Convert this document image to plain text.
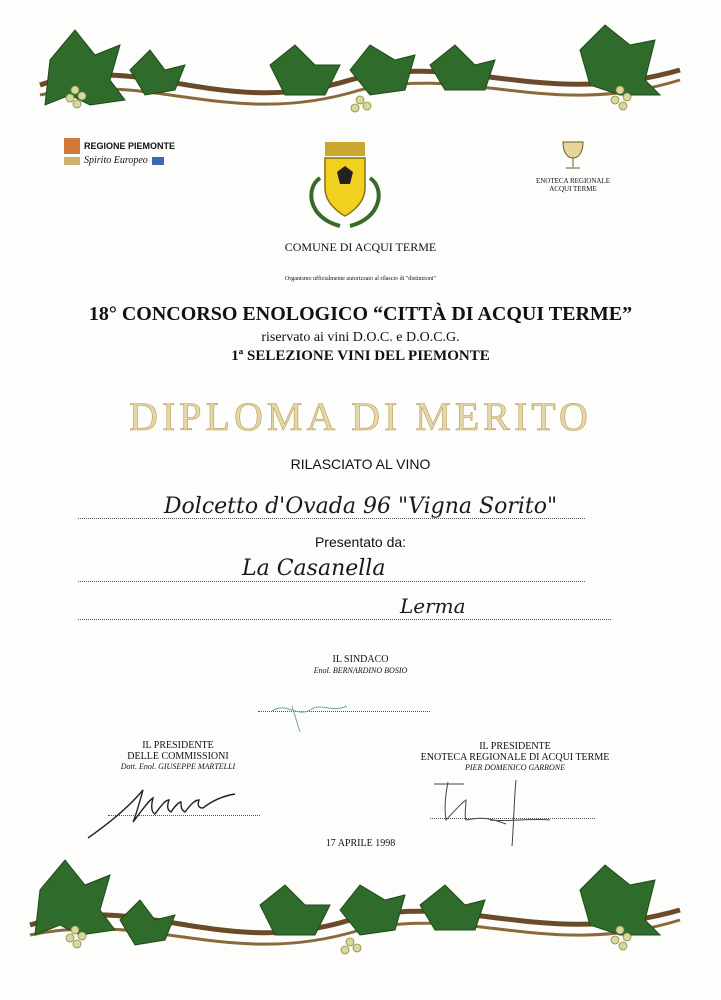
REGIONE PIEMONTE
Spirito Europeo
COMUNE DI ACQUI TERME
ENOTECA REGIONALE
ACQUI TERME
Organismo ufficialmente autorizzato al rilascio di "distinzioni"
18° CONCORSO ENOLOGICO “CITTÀ DI ACQUI TERME”
riservato ai vini D.O.C. e D.O.C.G.
1ª SELEZIONE VINI DEL PIEMONTE
DIPLOMA DI MERITO
RILASCIATO AL VINO
Dolcetto d'Ovada 96 "Vigna Sorito"
Presentato da:
La Casanella
Lerma
IL SINDACO
Enol. BERNARDINO BOSIO
IL PRESIDENTE
DELLE COMMISSIONI
Dott. Enol. GIUSEPPE MARTELLI
IL PRESIDENTE
ENOTECA REGIONALE DI ACQUI TERME
PIER DOMENICO GARRONE
17 APRILE 1998
